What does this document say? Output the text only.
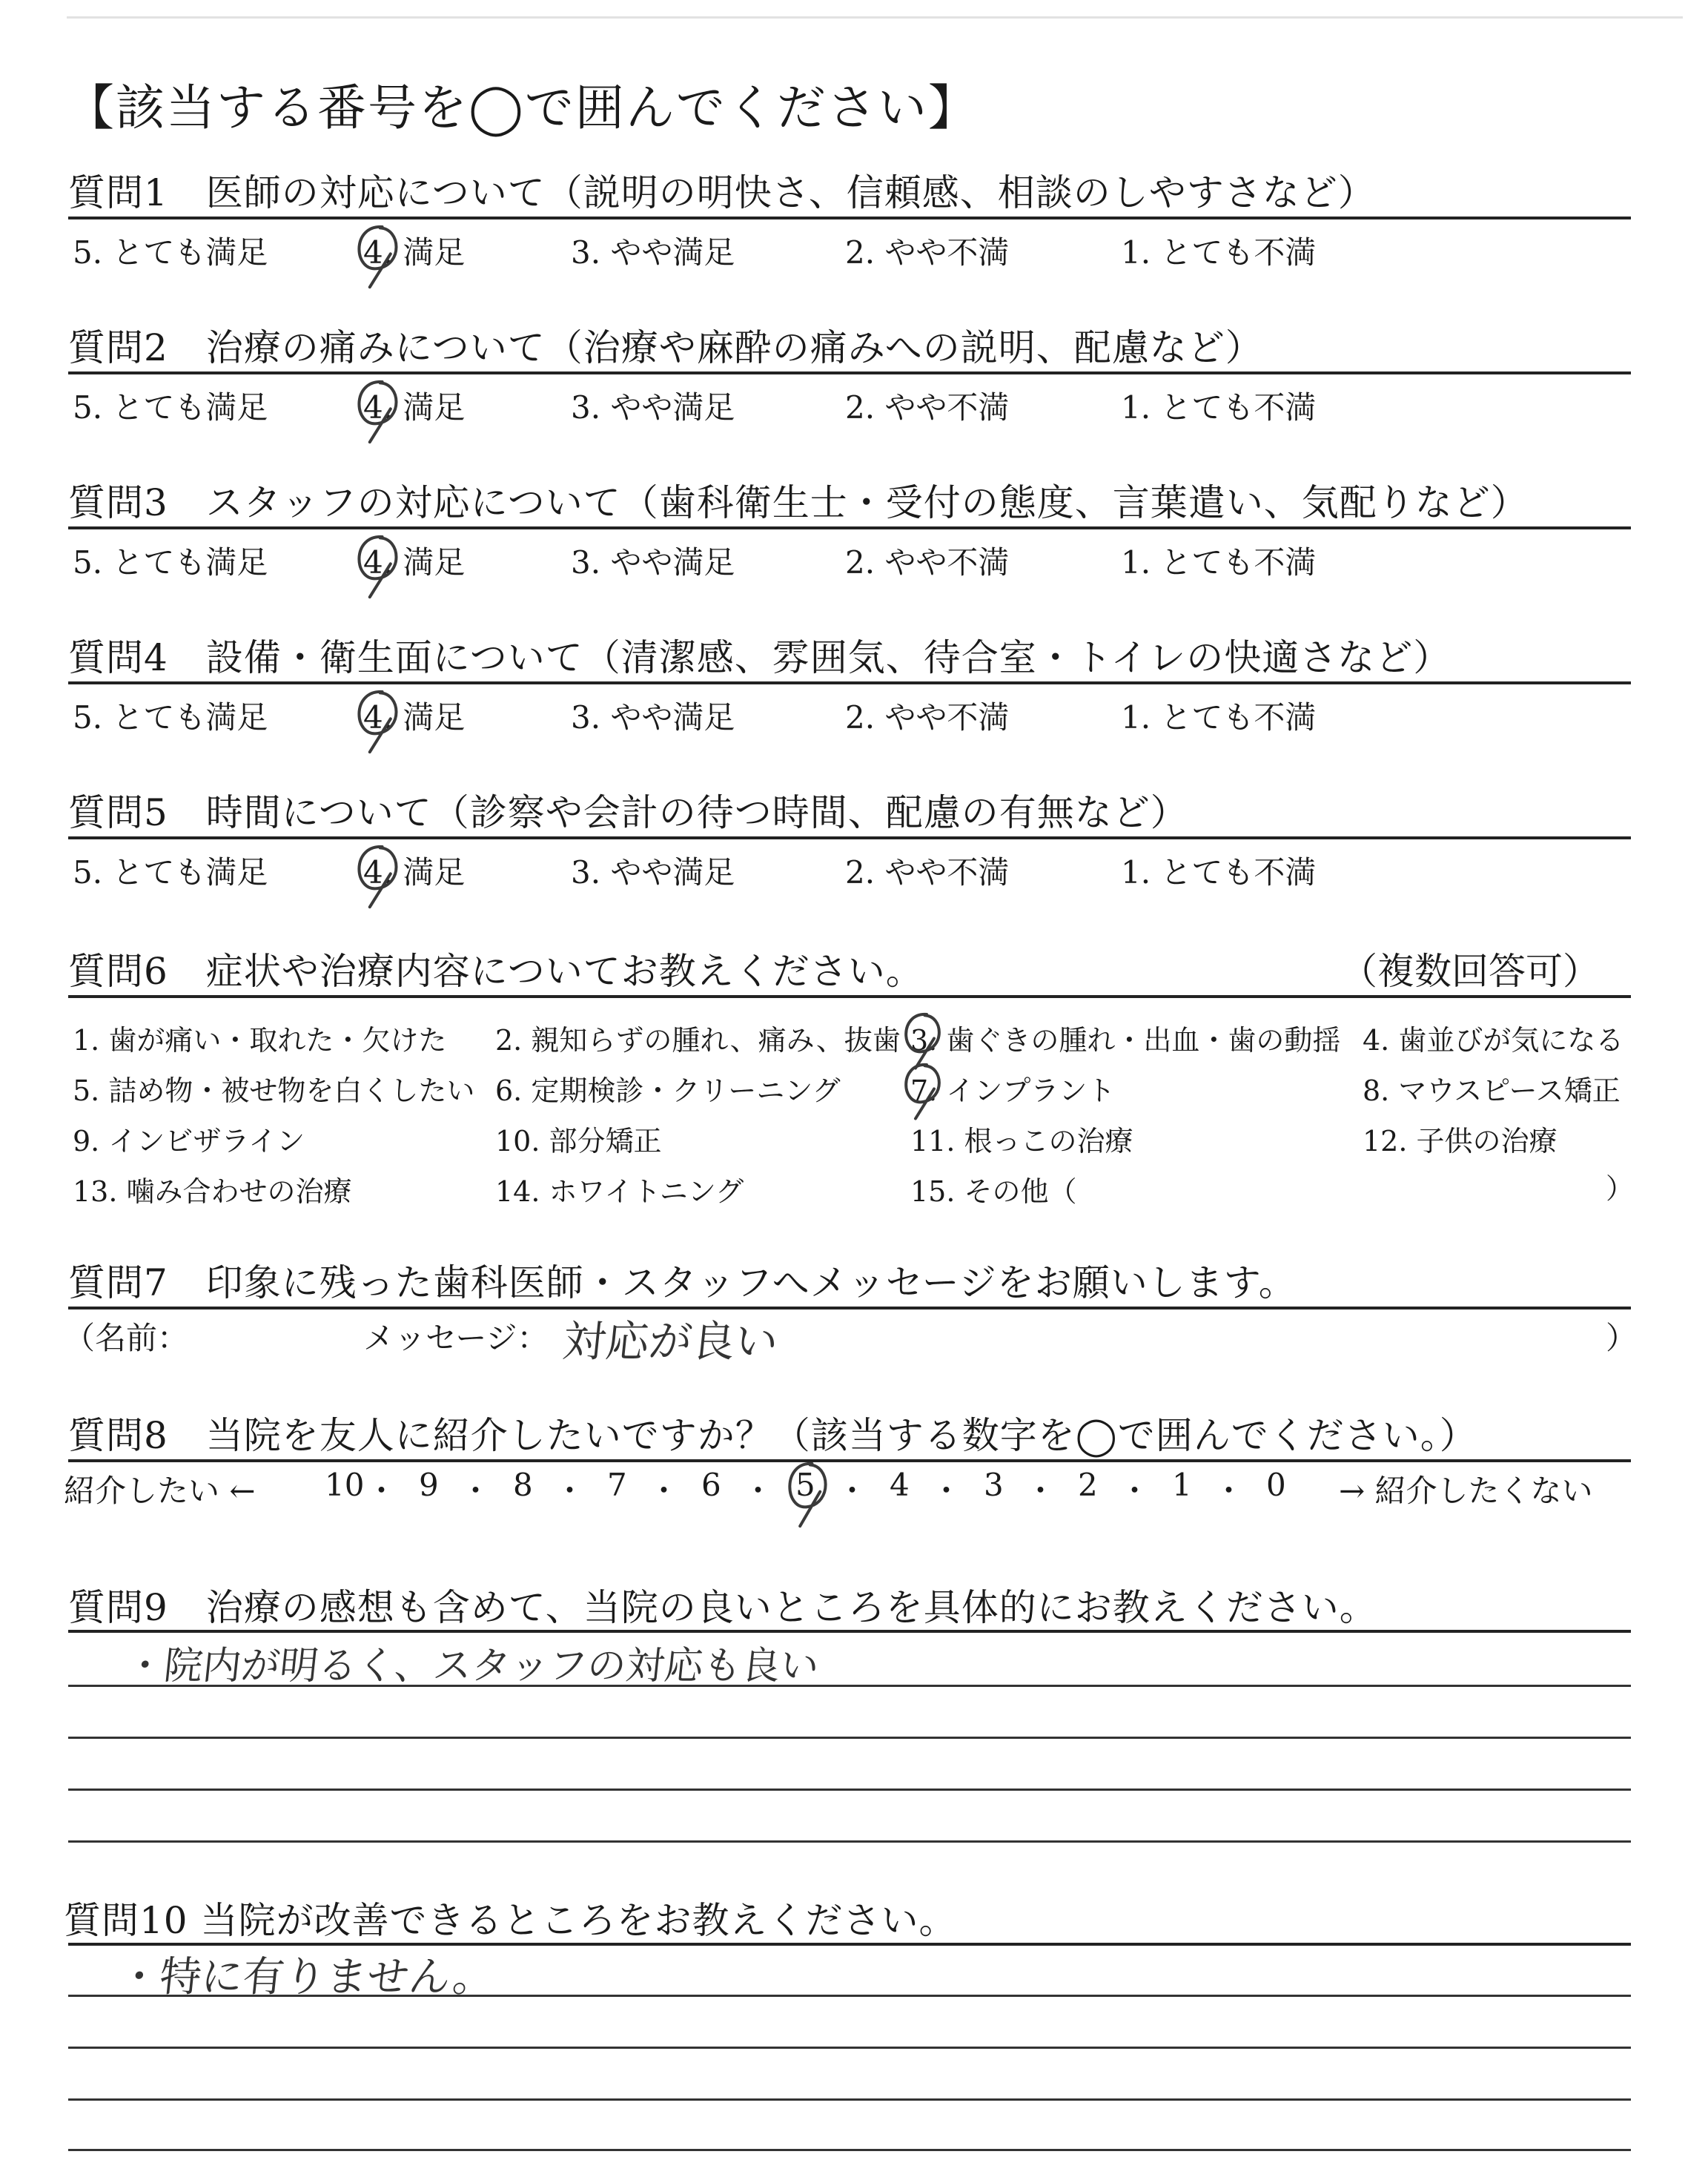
【該当する番号を◯で囲んでください】
質問1　医師の対応について（説明の明快さ、信頼感、相談のしやすさなど）
5. とても満足	4. 満足	3. やや満足	2. やや不満	1. とても不満
質問2　治療の痛みについて（治療や麻酔の痛みへの説明、配慮など）
5. とても満足	4. 満足	3. やや満足	2. やや不満	1. とても不満
質問3　スタッフの対応について（歯科衛生士・受付の態度、言葉遣い、気配りなど）
5. とても満足	4. 満足	3. やや満足	2. やや不満	1. とても不満
質問4　設備・衛生面について（清潔感、雰囲気、待合室・トイレの快適さなど）
5. とても満足	4. 満足	3. やや満足	2. やや不満	1. とても不満
質問5　時間について（診察や会計の待つ時間、配慮の有無など）
5. とても満足	4. 満足	3. やや満足	2. やや不満	1. とても不満
質問6　症状や治療内容についてお教えください。	（複数回答可）
1. 歯が痛い・取れた・欠けた 2. 親知らずの腫れ、痛み、抜歯 3. 歯ぐきの腫れ・出血・歯の動揺 4. 歯並びが気になる
5. 詰め物・被せ物を白くしたい 6. 定期検診・クリーニング 7. インプラント	8. マウスピース矯正
9. インビザライン	10. 部分矯正	11. 根っこの治療	12. 子供の治療
13. 噛み合わせの治療	14. ホワイトニング	15. その他（	）
質問7　印象に残った歯科医師・スタッフへメッセージをお願いします。
（名前：	メッセージ： 対応が良い	）
質問8　当院を友人に紹介したいですか？（該当する数字を◯で囲んでください。）
紹介したい ←	→ 紹介したくない
10 ・ 9 ・ 8 ・ 7 ・ 6 ・ 5 ・ 4 ・ 3 ・ 2 ・ 1 ・ 0
質問9　治療の感想も含めて、当院の良いところを具体的にお教えください。
・院内が明るく、スタッフの対応も良い
質問10 当院が改善できるところをお教えください。
・特に有りません。
